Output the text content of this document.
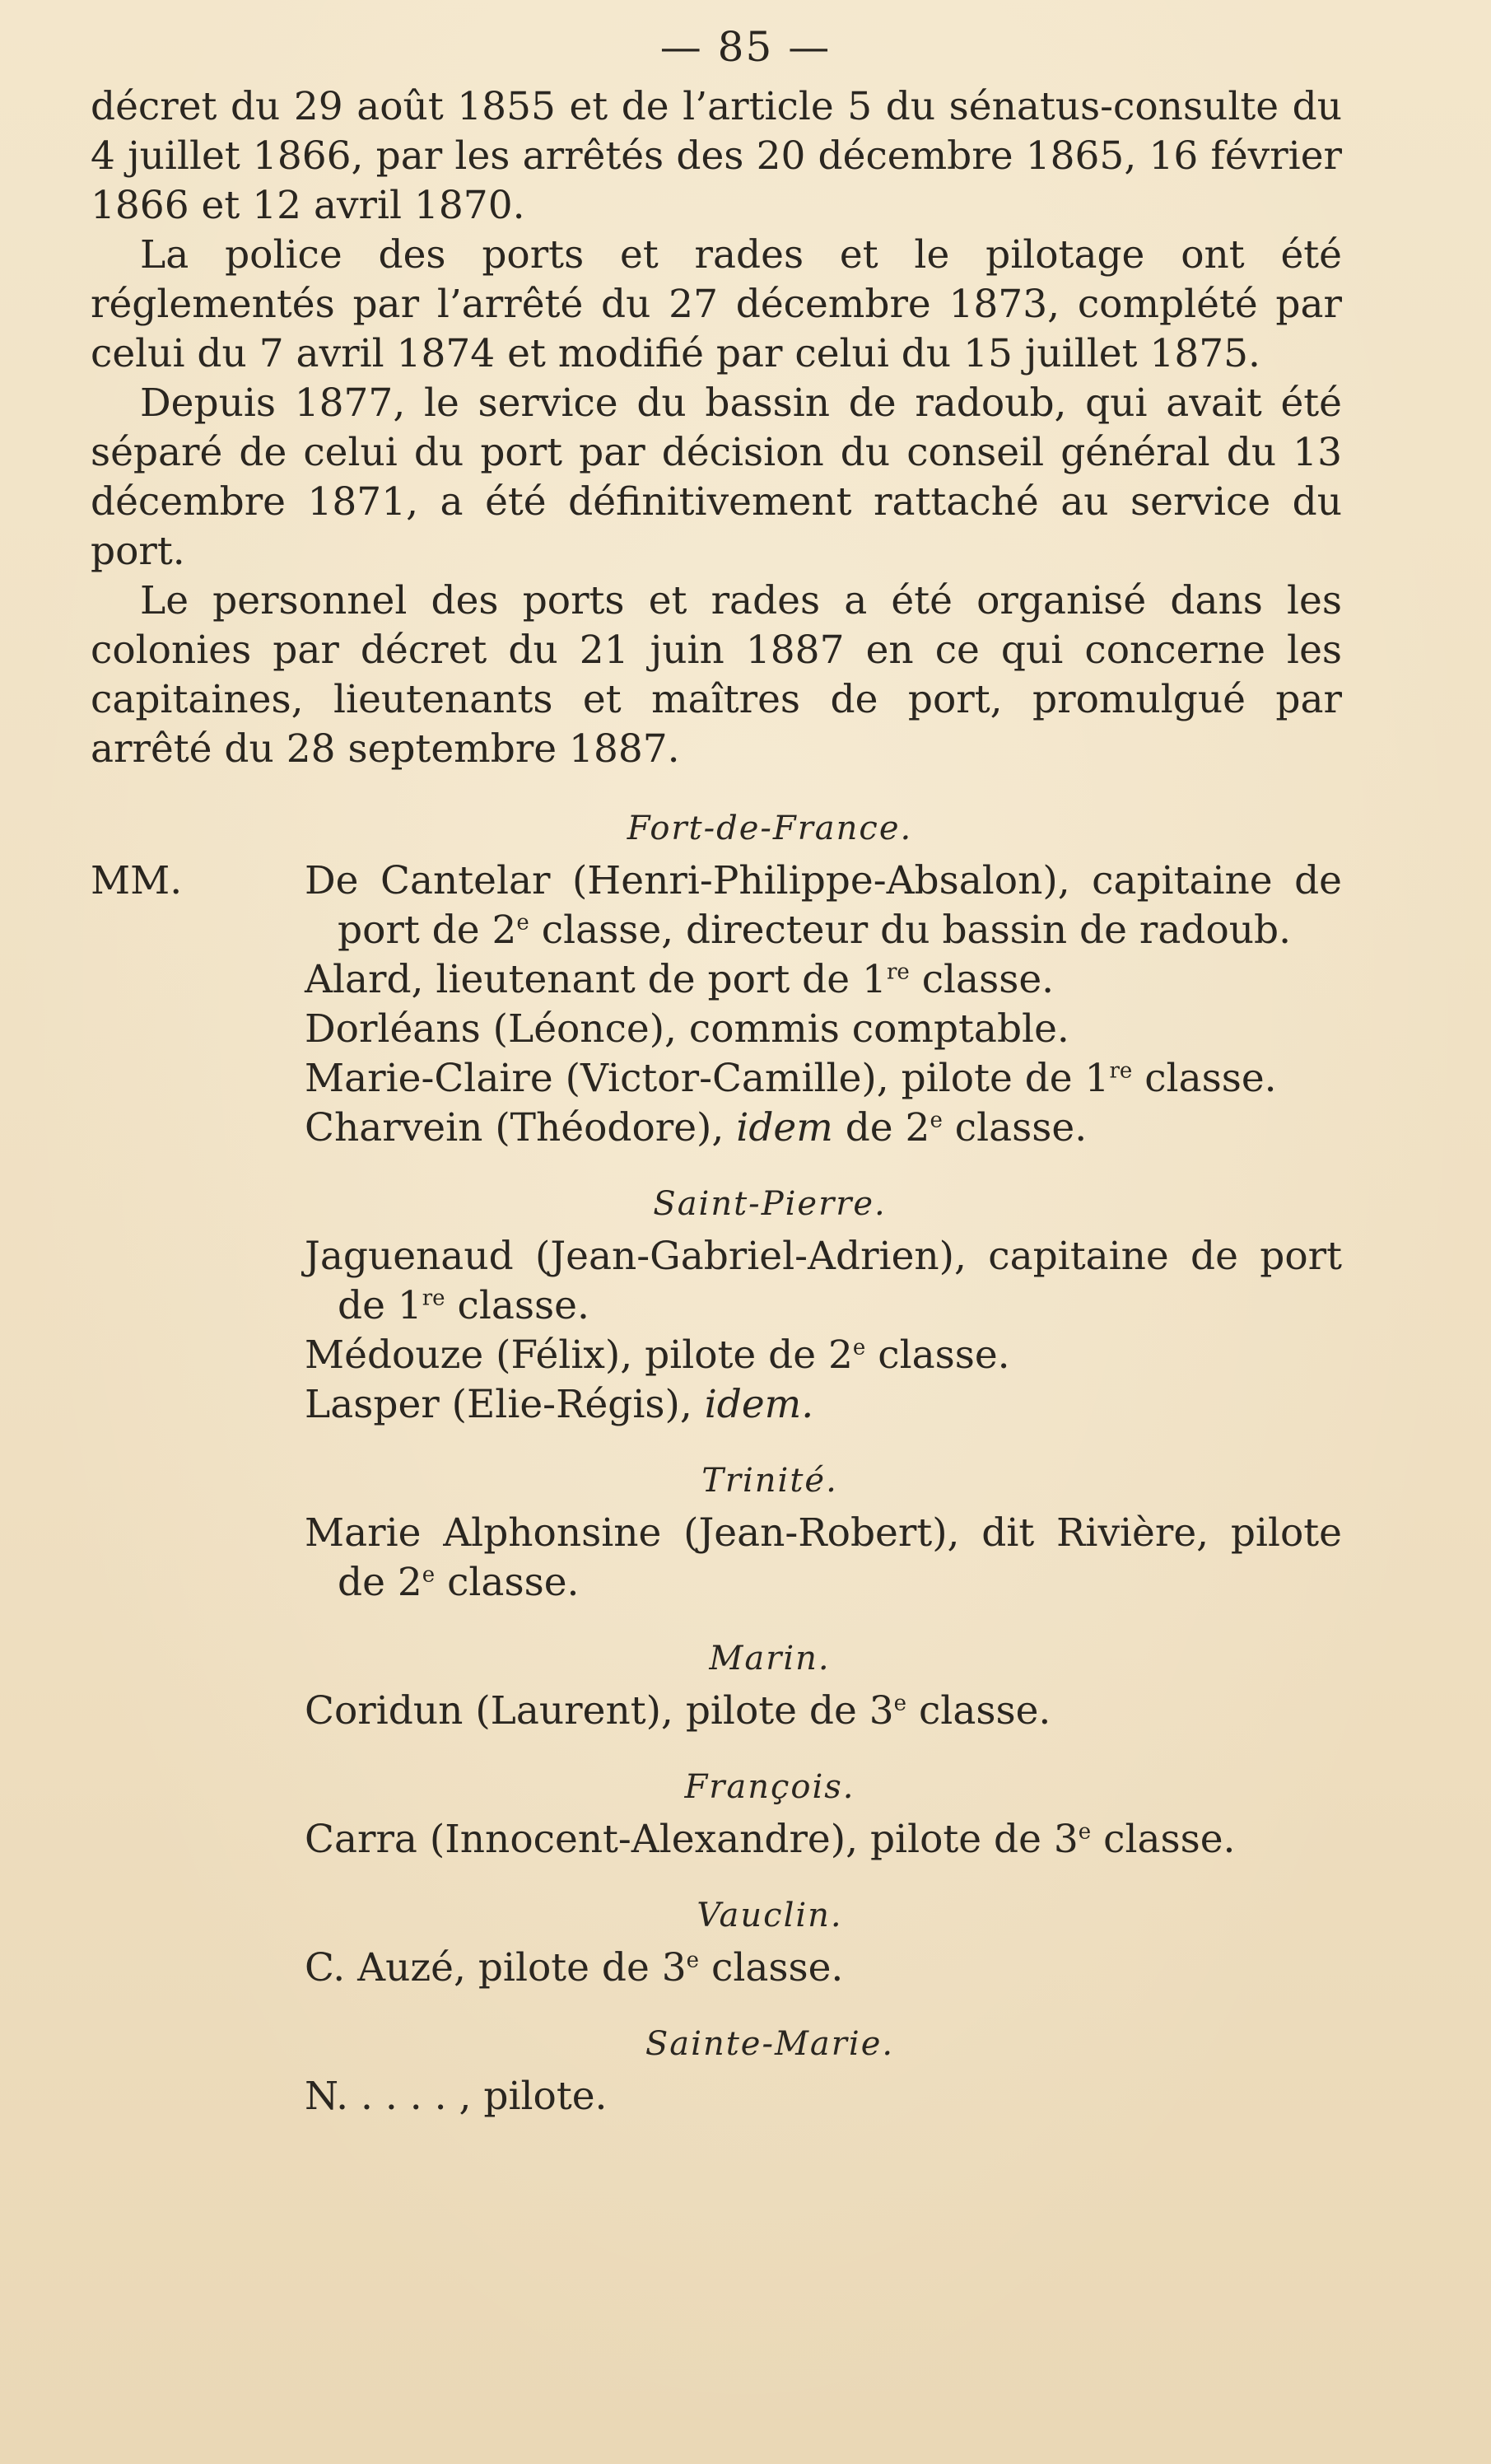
— 85 —

décret du 29 août 1855 et de l’article 5 du sénatus-consulte du 4 juillet 1866, par les arrêtés des 20 décembre 1865, 16 février 1866 et 12 avril 1870.

La police des ports et rades et le pilotage ont été réglementés par l’arrêté du 27 décembre 1873, complété par celui du 7 avril 1874 et modifié par celui du 15 juillet 1875.

Depuis 1877, le service du bassin de radoub, qui avait été séparé de celui du port par décision du conseil général du 13 décembre 1871, a été définitivement rattaché au service du port.

Le personnel des ports et rades a été organisé dans les colonies par décret du 21 juin 1887 en ce qui concerne les capitaines, lieutenants et maîtres de port, promulgué par arrêté du 28 septembre 1887.

Fort-de-France.

MM.	De Cantelar (Henri-Philippe-Absalon), capitaine de port de 2e classe, directeur du bassin de radoub.
Alard, lieutenant de port de 1re classe.
Dorléans (Léonce), commis comptable.
Marie-Claire (Victor-Camille), pilote de 1re classe.
Charvein (Théodore), idem de 2e classe.

Saint-Pierre.

Jaguenaud (Jean-Gabriel-Adrien), capitaine de port de 1re classe.
Médouze (Félix), pilote de 2e classe.
Lasper (Elie-Régis), idem.

Trinité.

Marie Alphonsine (Jean-Robert), dit Rivière, pilote de 2e classe.

Marin.

Coridun (Laurent), pilote de 3e classe.

François.

Carra (Innocent-Alexandre), pilote de 3e classe.

Vauclin.

C. Auzé, pilote de 3e classe.

Sainte-Marie.

N. . . . . , pilote.
